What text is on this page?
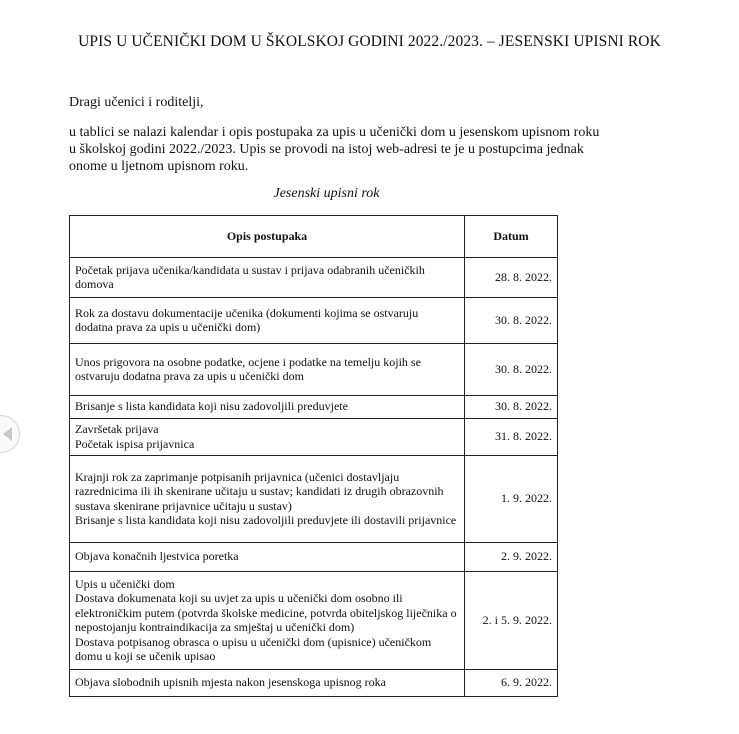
UPIS U UČENIČKI DOM U ŠKOLSKOJ GODINI 2022./2023. – JESENSKI UPISNI ROK
Dragi učenici i roditelji,
u tablici se nalazi kalendar i opis postupaka za upis u učenički dom u jesenskom upisnom roku u školskoj godini 2022./2023. Upis se provodi na istoj web-adresi te je u postupcima jednak onome u ljetnom upisnom roku.
Jesenski upisni rok
Opis postupaka	Datum

Početak prijava učenika/kandidata u sustav i prijava odabranih učeničkih domova	28. 8. 2022.

Rok za dostavu dokumentacije učenika (dokumenti kojima se ostvaruju dodatna prava za upis u učenički dom)	30. 8. 2022.

Unos prigovora na osobne podatke, ocjene i podatke na temelju kojih se ostvaruju dodatna prava za upis u učenički dom	30. 8. 2022.

Brisanje s lista kandidata koji nisu zadovoljili preduvjete	30. 8. 2022.

Završetak prijava
Početak ispisa prijavnica	31. 8. 2022.

Krajnji rok za zaprimanje potpisanih prijavnica (učenici dostavljaju razrednicima ili ih skenirane učitaju u sustav; kandidati iz drugih obrazovnih sustava skenirane prijavnice učitaju u sustav)
Brisanje s lista kandidata koji nisu zadovoljili preduvjete ili dostavili prijavnice	1. 9. 2022.

Objava konačnih ljestvica poretka	2. 9. 2022.

Upis u učenički dom
Dostava dokumenata koji su uvjet za upis u učenički dom osobno ili elektroničkim putem (potvrda školske medicine, potvrda obiteljskog liječnika o nepostojanju kontraindikacija za smještaj u učenički dom)
Dostava potpisanog obrasca o upisu u učenički dom (upisnice) učeničkom domu u koji se učenik upisao	2. i 5. 9. 2022.

Objava slobodnih upisnih mjesta nakon jesenskoga upisnog roka	6. 9. 2022.
